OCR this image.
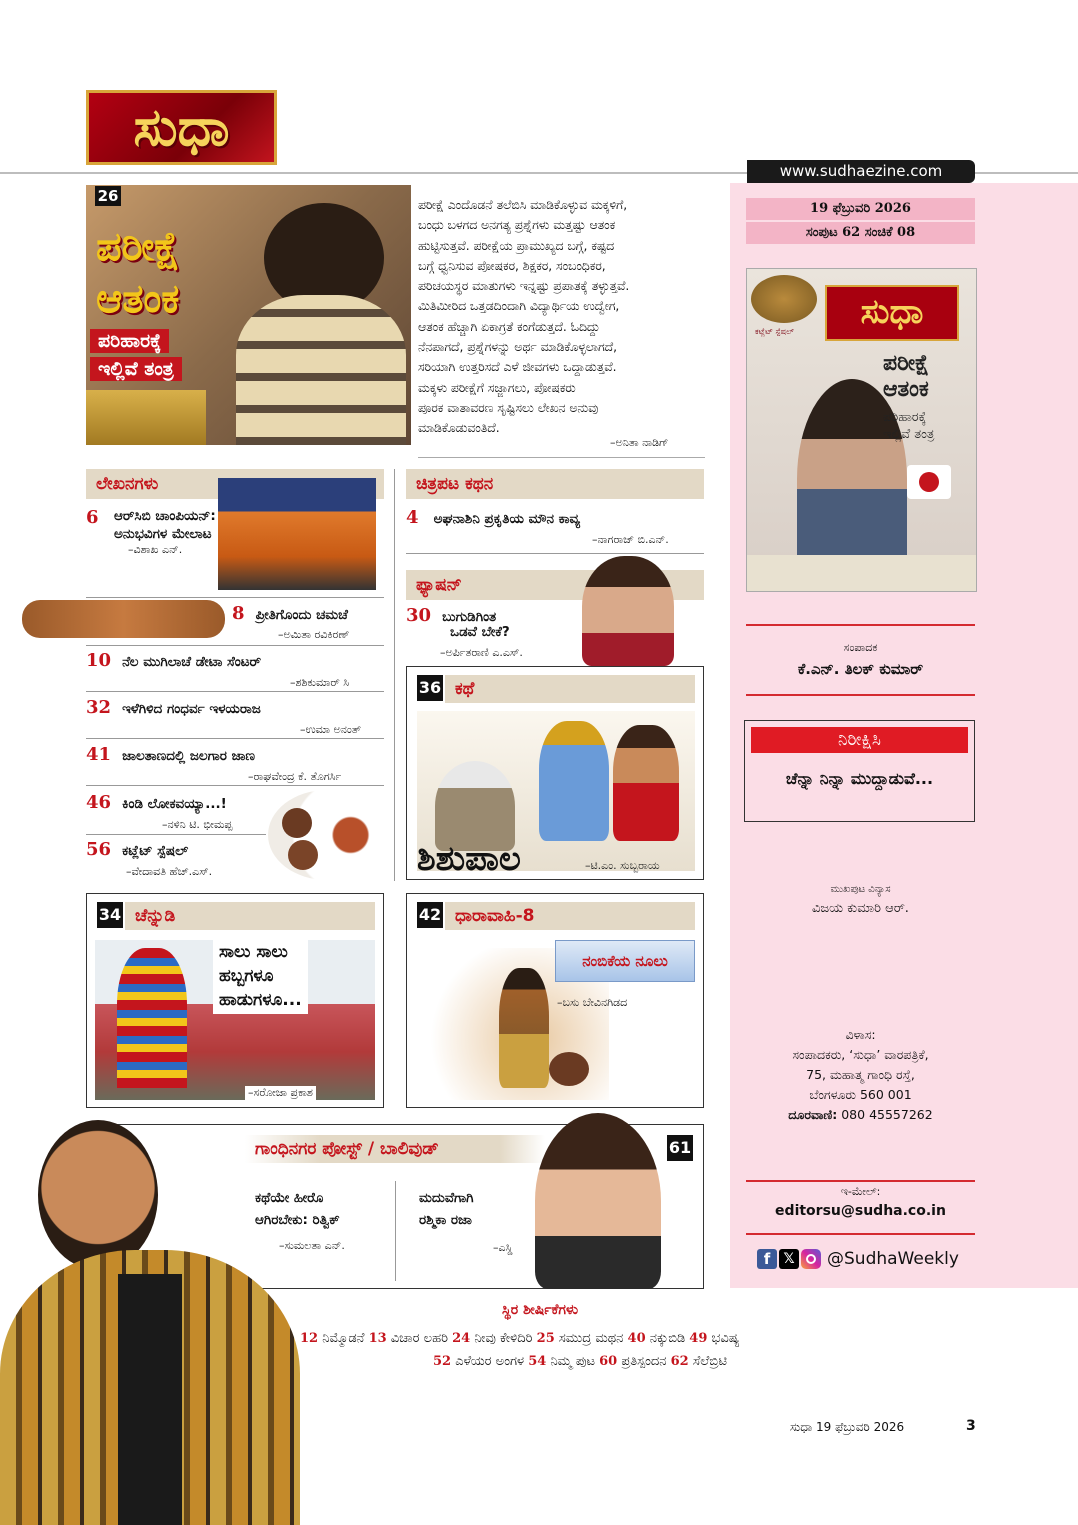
ಸುಧಾ
www.sudhaezine.com
19 ಫೆಬ್ರುವರಿ 2026
ಸಂಪುಟ 62 ಸಂಚಿಕೆ 08
ಸುಧಾ
ಕಟ್ಲೆಟ್ ಸ್ಪೆಷಲ್
ಪರೀಕ್ಷೆ
ಆತಂಕ
ಪರಿಹಾರಕ್ಕೆ
ಇಲ್ಲಿವೆ ತಂತ್ರ
ಸಂಪಾದಕ
ಕೆ.ಎನ್. ತಿಲಕ್ ಕುಮಾರ್
ನಿರೀಕ್ಷಿಸಿ
ಚೆನ್ನಾ ನಿನ್ನಾ ಮುದ್ದಾಡುವೆ...
ಮುಖಪುಟ ವಿನ್ಯಾಸ
ವಿಜಯ ಕುಮಾರಿ ಆರ್.
ವಿಳಾಸ:
ಸಂಪಾದಕರು, ‘ಸುಧಾ’ ವಾರಪತ್ರಿಕೆ,
75, ಮಹಾತ್ಮ ಗಾಂಧಿ ರಸ್ತೆ,
ಬೆಂಗಳೂರು 560 001
ದೂರವಾಣಿ: 080 45557262
ಇ-ಮೇಲ್:
editorsu@sudha.co.in
f 𝕏 @SudhaWeekly
ಪರೀಕ್ಷೆ
ಆತಂಕ
ಪರಿಹಾರಕ್ಕೆ
ಇಲ್ಲಿವೆ ತಂತ್ರ
26	ಪರೀಕ್ಷೆ ಎಂದೊಡನೆ ತಲೆಬಿಸಿ ಮಾಡಿಕೊಳ್ಳುವ ಮಕ್ಕಳಿಗೆ,
ಬಂಧು ಬಳಗದ ಅನಗತ್ಯ ಪ್ರಶ್ನೆಗಳು ಮತ್ತಷ್ಟು ಆತಂಕ
ಹುಟ್ಟಿಸುತ್ತವೆ. ಪರೀಕ್ಷೆಯ ಪ್ರಾಮುಖ್ಯದ ಬಗ್ಗೆ, ಕಷ್ಟದ
ಬಗ್ಗೆ ಧ್ವನಿಸುವ ಪೋಷಕರ, ಶಿಕ್ಷಕರ, ಸಂಬಂಧಿಕರ,
ಪರಿಚಯಸ್ಥರ ಮಾತುಗಳು ಇನ್ನಷ್ಟು ಪ್ರಪಾತಕ್ಕೆ ತಳ್ಳುತ್ತವೆ.
ಮಿತಿಮೀರಿದ ಒತ್ತಡದಿಂದಾಗಿ ವಿದ್ಯಾರ್ಥಿಯ ಉದ್ವೇಗ,
ಆತಂಕ ಹೆಚ್ಚಾಗಿ ಏಕಾಗ್ರತೆ ಕಂಗೆಡುತ್ತದೆ. ಓದಿದ್ದು
ನೆನಪಾಗದೆ, ಪ್ರಶ್ನೆಗಳನ್ನು ಅರ್ಥ ಮಾಡಿಕೊಳ್ಳಲಾಗದೆ,
ಸರಿಯಾಗಿ ಉತ್ತರಿಸದೆ ಎಳೆ ಜೀವಗಳು ಒದ್ದಾಡುತ್ತವೆ.
ಮಕ್ಕಳು ಪರೀಕ್ಷೆಗೆ ಸಜ್ಜಾಗಲು, ಪೋಷಕರು
ಪೂರಕ ವಾತಾವರಣ ಸೃಷ್ಟಿಸಲು ಲೇಖನ ಅನುವು
ಮಾಡಿಕೊಡುವಂತಿದೆ.
–ಅನಿತಾ ನಾಡಿಗ್
ಲೇಖನಗಳು
6 ಆರ್‌ಸಿಬಿ ಚಾಂಪಿಯನ್: ಅನುಭವಿಗಳ ಮೇಲಾಟ
–ವಿಶಾಖ ಎನ್.
8 ಪ್ರೀತಿಗೊಂದು ಚಮಚೆ
–ಅಮಿತಾ ರವಿಕಿರಣ್
10 ನೆಲ ಮುಗಿಲಾಚೆ ಡೇಟಾ ಸೆಂಟರ್
–ಶಶಿಕುಮಾರ್ ಸಿ
32 ಇಳೆಗಿಳಿದ ಗಂಧರ್ವ ಇಳಯರಾಜ
–ಉಮಾ ಅನಂತ್
41 ಜಾಲತಾಣದಲ್ಲಿ ಜಲಗಾರ ಜಾಣ
–ರಾಘವೇಂದ್ರ ಕೆ. ತೊಗರ್ಸಿ
46 ಕಿಂಡಿ ಲೋಕವಯ್ಯಾ...!
–ನಳಿನಿ ಟಿ. ಭೀಮಪ್ಪ
56 ಕಟ್ಲೆಟ್ ಸ್ಪೆಷಲ್
–ವೇದಾವತಿ ಹೆಚ್.ಎಸ್.
ಚಿತ್ರಪಟ ಕಥನ
4 ಅಘನಾಶಿನಿ ಪ್ರಕೃತಿಯ ಮೌನ ಕಾವ್ಯ
–ನಾಗರಾಜ್ ಬಿ.ಎನ್.
ಫ್ಯಾಷನ್
30 ಬುಗುಡಿಗಿಂತ
ಒಡವೆ ಬೇಕೆ?
–ಅರ್ಪಿತರಾಣಿ ಎ.ಎಸ್.
36 ಕಥೆ
ಶಿಶುಪಾಲ	–ಟಿ.ಎಂ. ಸುಬ್ಬರಾಯ
34 ಚೆನ್ನುಡಿ
ಸಾಲು ಸಾಲು
ಹಬ್ಬಗಳೂ
ಹಾಡುಗಳೂ...
–ಸರೋಜಾ ಪ್ರಕಾಶ
42 ಧಾರಾವಾಹಿ-8
ನಂಬಿಕೆಯ ನೂಲು
–ಬಸು ಬೇವಿನಗಿಡದ
61
ಗಾಂಧಿನಗರ ಪೋಸ್ಟ್ / ಬಾಲಿವುಡ್
ಕಥೆಯೇ ಹೀರೊ
ಆಗಿರಬೇಕು: ರಿತ್ವಿಕ್
–ಸುಮಲತಾ ಎನ್.
ಮದುವೆಗಾಗಿ
ರಶ್ಮಿಕಾ ರಜಾ
–ಎಸ್ಡಿ
ಸ್ಥಿರ ಶೀರ್ಷಿಕೆಗಳು
12 ನಿಮ್ಮೊಡನೆ 13 ವಿಚಾರ ಲಹರಿ 24 ನೀವು ಕೇಳಿದಿರಿ 25 ಸಮುದ್ರ ಮಥನ 40 ನಕ್ಕುಬಿಡಿ 49 ಭವಿಷ್ಯ
52 ಎಳೆಯರ ಅಂಗಳ 54 ನಿಮ್ಮ ಪುಟ 60 ಪ್ರತಿಸ್ಪಂದನ 62 ಸೆಲೆಬ್ರಿಟಿ
ಸುಧಾ 19 ಫೆಬ್ರುವರಿ 2026	3
